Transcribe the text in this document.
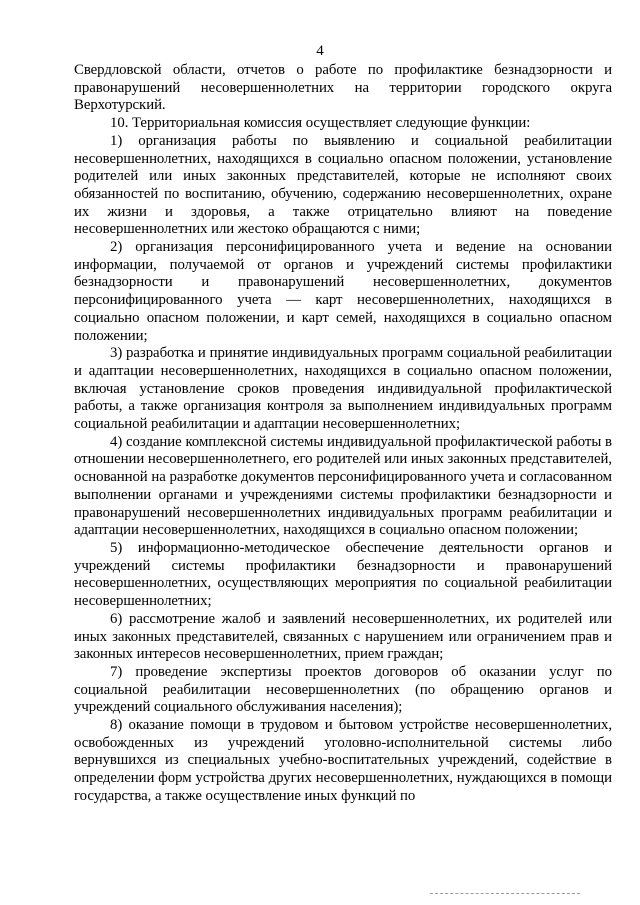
4

Свердловской области, отчетов о работе по профилактике безнадзорности и правонарушений несовершеннолетних на территории городского округа Верхотурский.

10. Территориальная комиссия осуществляет следующие функции:

1) организация работы по выявлению и социальной реабилитации несовершеннолетних, находящихся в социально опасном положении, установление родителей или иных законных представителей, которые не исполняют своих обязанностей по воспитанию, обучению, содержанию несовершеннолетних, охране их жизни и здоровья, а также отрицательно влияют на поведение несовершеннолетних или жестоко обращаются с ними;

2) организация персонифицированного учета и ведение на основании информации, получаемой от органов и учреждений системы профилактики безнадзорности и правонарушений несовершеннолетних, документов персонифицированного учета — карт несовершеннолетних, находящихся в социально опасном положении, и карт семей, находящихся в социально опасном положении;

3) разработка и принятие индивидуальных программ социальной реабилитации и адаптации несовершеннолетних, находящихся в социально опасном положении, включая установление сроков проведения индивидуальной профилактической работы, а также организация контроля за выполнением индивидуальных программ социальной реабилитации и адаптации несовершеннолетних;

4) создание комплексной системы индивидуальной профилактической работы в отношении несовершеннолетнего, его родителей или иных законных представителей, основанной на разработке документов персонифицированного учета и согласованном выполнении органами и учреждениями системы профилактики безнадзорности и правонарушений несовершеннолетних индивидуальных программ реабилитации и адаптации несовершеннолетних, находящихся в социально опасном положении;

5) информационно-методическое обеспечение деятельности органов и учреждений системы профилактики безнадзорности и правонарушений несовершеннолетних, осуществляющих мероприятия по социальной реабилитации несовершеннолетних;

6) рассмотрение жалоб и заявлений несовершеннолетних, их родителей или иных законных представителей, связанных с нарушением или ограничением прав и законных интересов несовершеннолетних, прием граждан;

7) проведение экспертизы проектов договоров об оказании услуг по социальной реабилитации несовершеннолетних (по обращению органов и учреждений социального обслуживания населения);

8) оказание помощи в трудовом и бытовом устройстве несовершеннолетних, освобожденных из учреждений уголовно-исполнительной системы либо вернувшихся из специальных учебно-воспитательных учреждений, содействие в определении форм устройства других несовершеннолетних, нуждающихся в помощи государства, а также осуществление иных функций по
